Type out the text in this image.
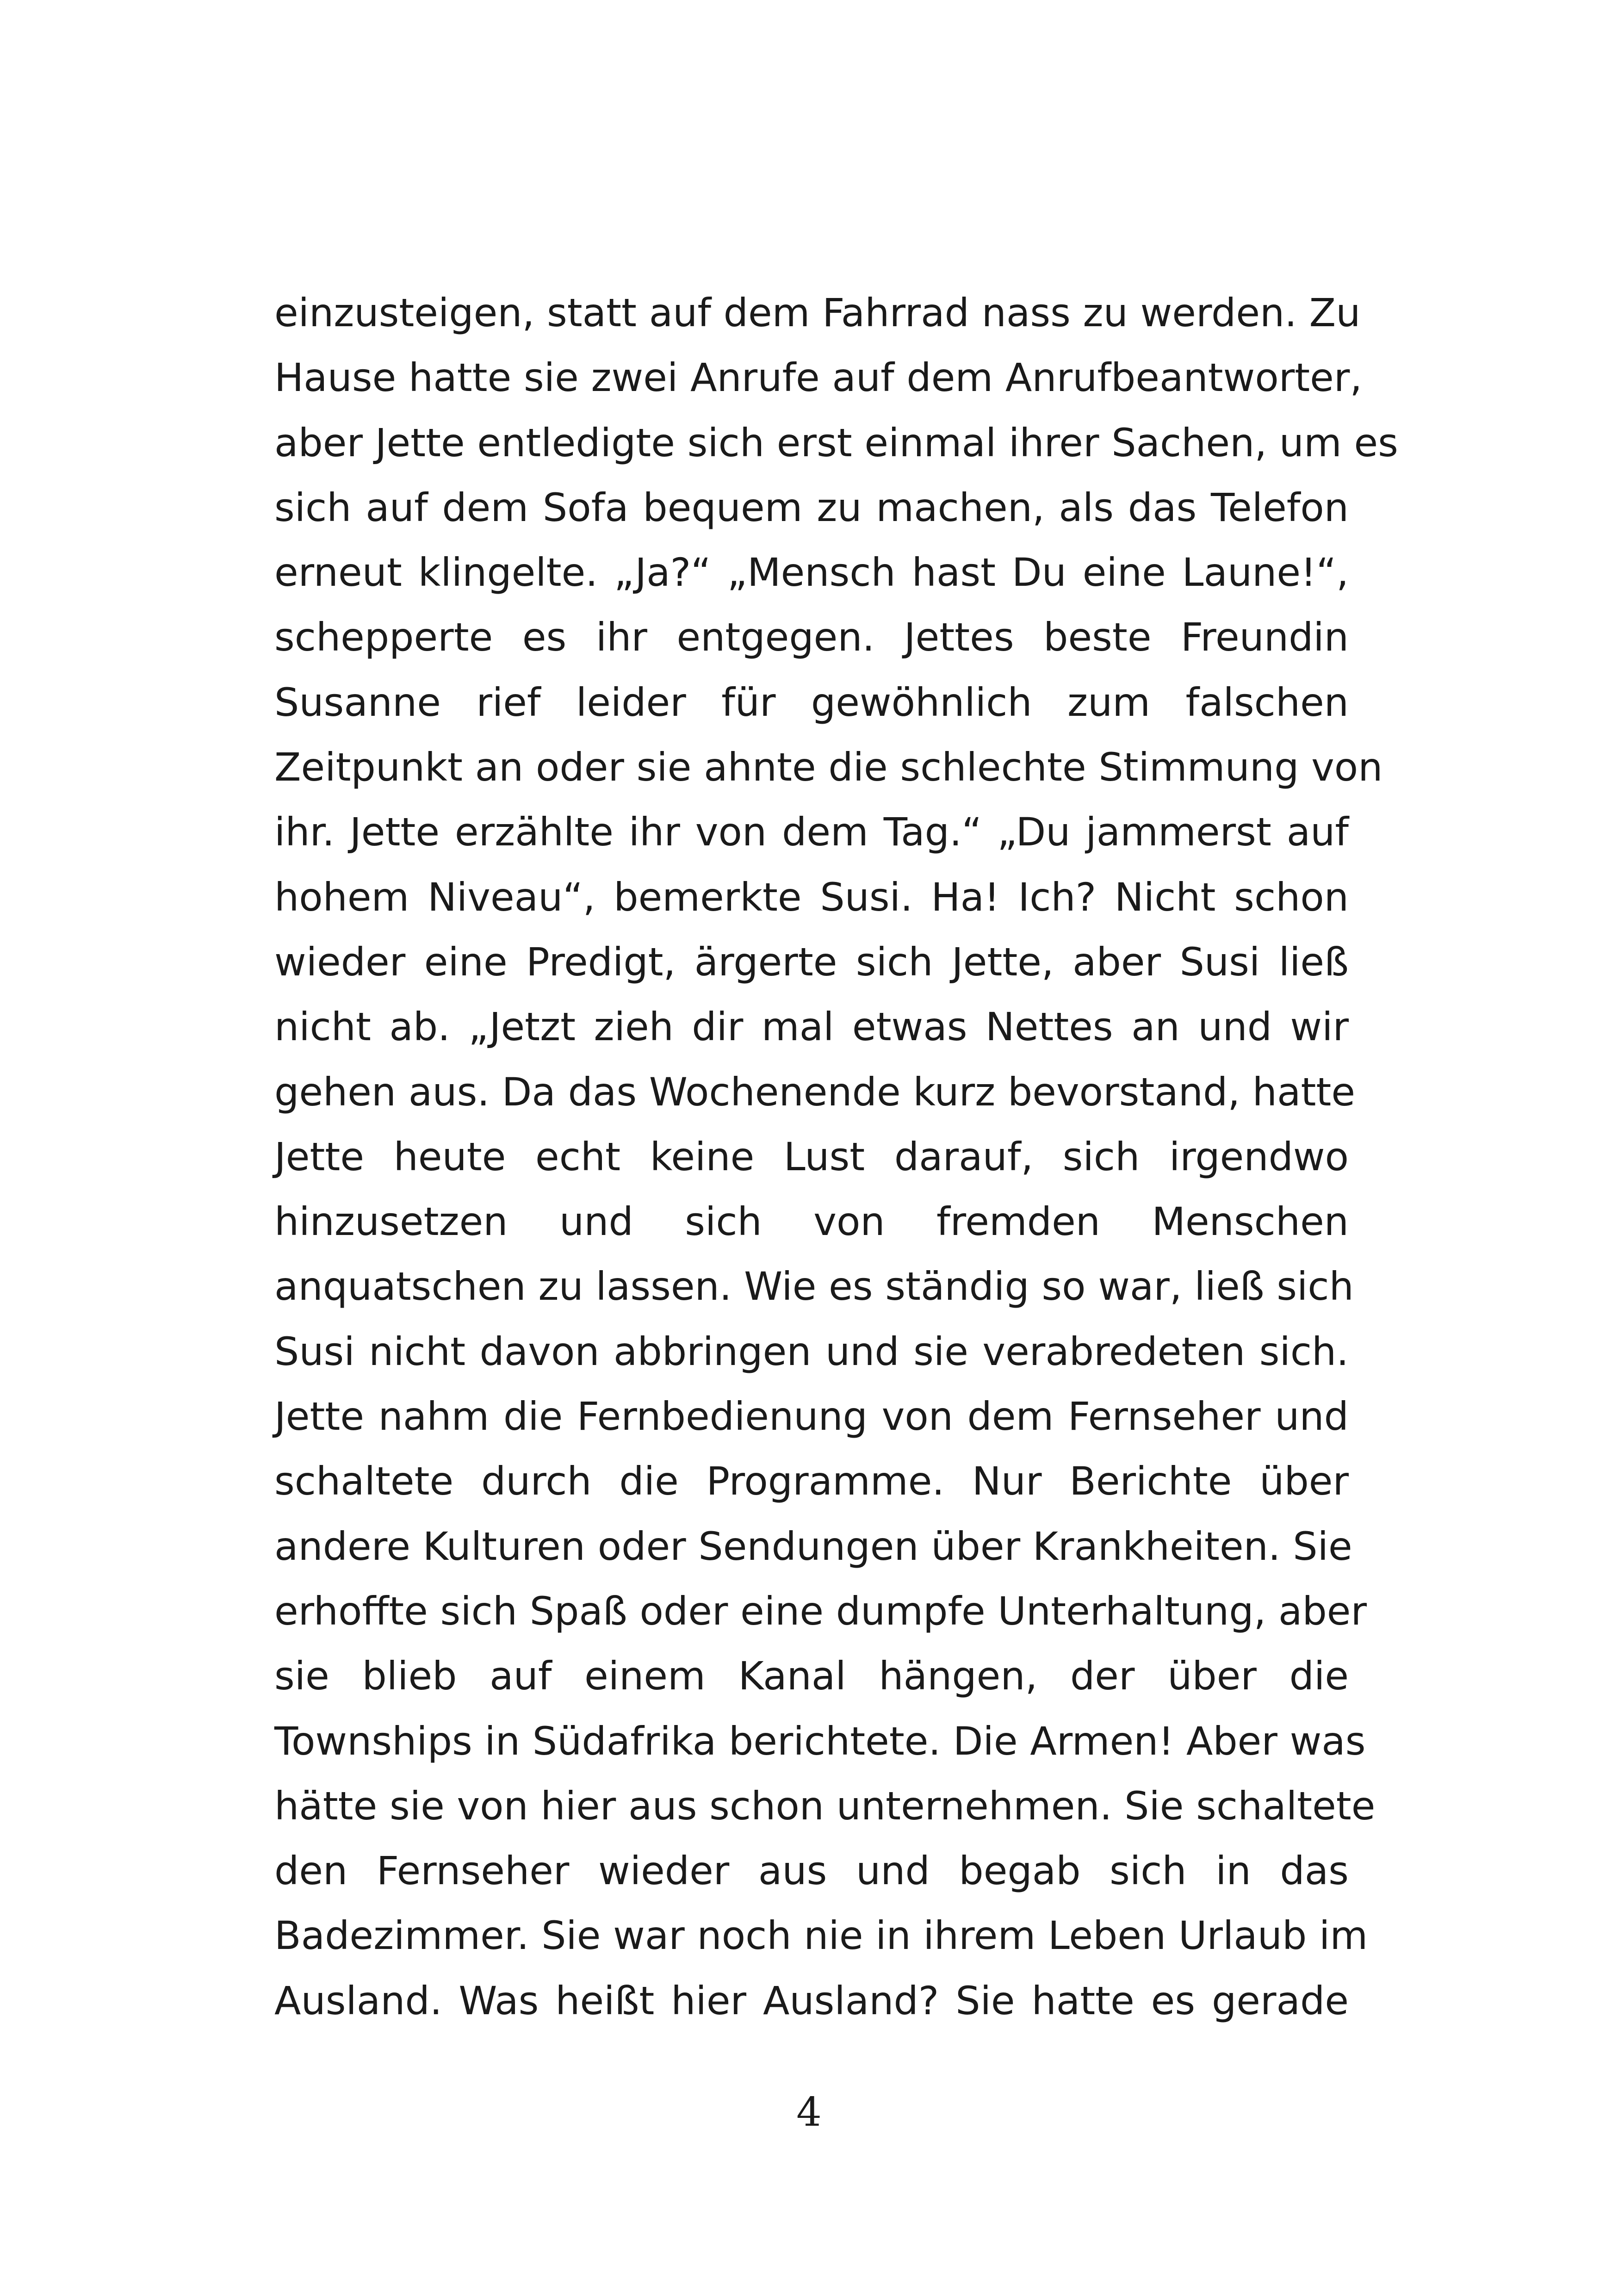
einzusteigen, statt auf dem Fahrrad nass zu werden. Zu
Hause hatte sie zwei Anrufe auf dem Anrufbeantworter,
aber Jette entledigte sich erst einmal ihrer Sachen, um es
sich auf dem Sofa bequem zu machen, als das Telefon
erneut klingelte. „Ja?“ „Mensch hast Du eine Laune!“,
schepperte es ihr entgegen. Jettes beste Freundin
Susanne rief leider für gewöhnlich zum falschen
Zeitpunkt an oder sie ahnte die schlechte Stimmung von
ihr. Jette erzählte ihr von dem Tag.“ „Du jammerst auf
hohem Niveau“, bemerkte Susi. Ha! Ich? Nicht schon
wieder eine Predigt, ärgerte sich Jette, aber Susi ließ
nicht ab. „Jetzt zieh dir mal etwas Nettes an und wir
gehen aus. Da das Wochenende kurz bevorstand, hatte
Jette heute echt keine Lust darauf, sich irgendwo
hinzusetzen und sich von fremden Menschen
anquatschen zu lassen. Wie es ständig so war, ließ sich
Susi nicht davon abbringen und sie verabredeten sich.
Jette nahm die Fernbedienung von dem Fernseher und
schaltete durch die Programme. Nur Berichte über
andere Kulturen oder Sendungen über Krankheiten. Sie
erhoffte sich Spaß oder eine dumpfe Unterhaltung, aber
sie blieb auf einem Kanal hängen, der über die
Townships in Südafrika berichtete. Die Armen! Aber was
hätte sie von hier aus schon unternehmen. Sie schaltete
den Fernseher wieder aus und begab sich in das
Badezimmer. Sie war noch nie in ihrem Leben Urlaub im
Ausland. Was heißt hier Ausland? Sie hatte es gerade
4
